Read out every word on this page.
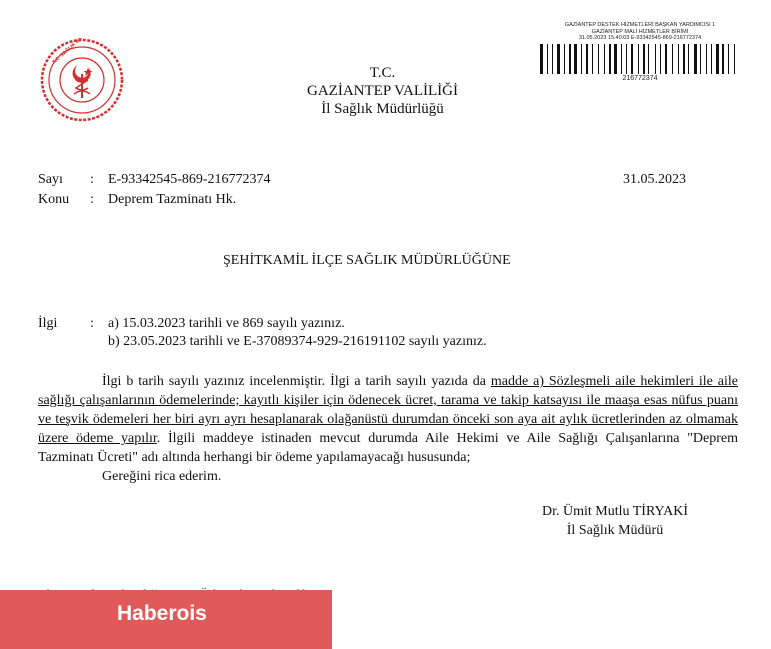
T.C. SAĞLIK BAKANLIĞI	GAZİANTEP DESTEK HİZMETLERİ BAŞKAN YARDIMCISI 1
GAZİANTEP MALİ HİZMETLER BİRİMİ
31.05.2023 15:40:03 E-93342545-869-216772374
216772374
T.C.
GAZİANTEP VALİLİĞİ
İl Sağlık Müdürlüğü
Sayı : E-93342545-869-216772374	31.05.2023
Konu : Deprem Tazminatı Hk.
ŞEHİTKAMİL İLÇE SAĞLIK MÜDÜRLÜĞÜNE
İlgi : a) 15.03.2023 tarihli ve 869 sayılı yazınız.
b) 23.05.2023 tarihli ve E-37089374-929-216191102 sayılı yazınız.
İlgi b tarih sayılı yazınız incelenmiştir. İlgi a tarih sayılı yazıda da madde a) Sözleşmeli aile hekimleri ile aile sağlığı çalışanlarının ödemelerinde; kayıtlı kişiler için ödenecek ücret, tarama ve takip katsayısı ile maaşa esas nüfus puanı ve teşvik ödemeleri her biri ayrı ayrı hesaplanarak olağanüstü durumdan önceki son aya ait aylık ücretlerinden az olmamak üzere ödeme yapılır. İlgili maddeye istinaden mevcut durumda Aile Hekimi ve Aile Sağlığı Çalışanlarına "Deprem Tazminatı Ücreti" adı altında herhangi bir ödeme yapılamayacağı hususunda;
Gereğini rica ederim.
Dr. Ümit Mutlu TİRYAKİ
İl Sağlık Müdürü
Haberois
